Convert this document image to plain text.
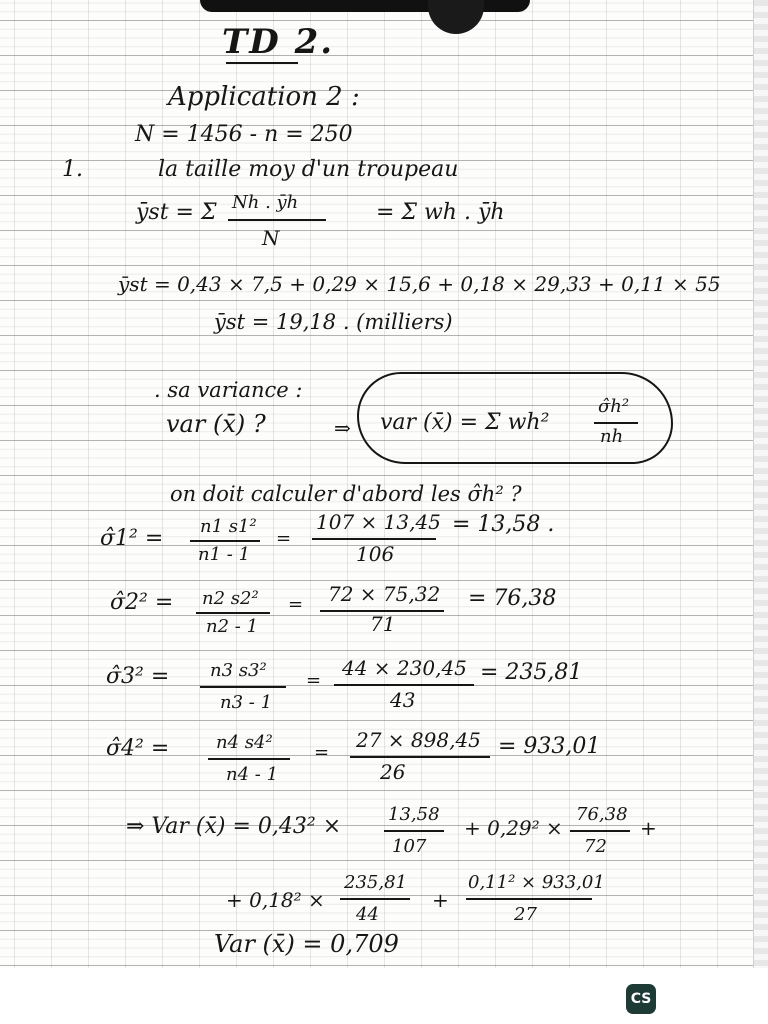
TD 2.
Application 2 :
N = 1456 - n = 250
1.	la taille moy d'un troupeau
ȳst = Σ Nh . ȳh
N
= Σ wh . ȳh
ȳst = 0,43 × 7,5 + 0,29 × 15,6 + 0,18 × 29,33 + 0,11 × 55
ȳst = 19,18 . (milliers)
. sa variance :
var (x̄) ?	⇒ var (x̄) = Σ wh²
σ̂h²
nh
on doit calculer d'abord les σ̂h² ?
σ̂1² = n1 s1²
n1 - 1
=
107 × 13,45
106
= 13,58 .
σ̂2² = n2 s2²
n2 - 1
= 72 × 75,32
71
= 76,38
σ̂3² = n3 s3²
n3 - 1
=
44 × 230,45
43
= 235,81
σ̂4² =	n4 s4²
n4 - 1
=
27 × 898,45
26
= 933,01
⇒ Var (x̄) = 0,43² ×	13,58
107
+ 0,29² ×
76,38
72
+
+ 0,18² ×
235,81
44
+
0,11² × 933,01
27
Var (x̄) = 0,709
CS
